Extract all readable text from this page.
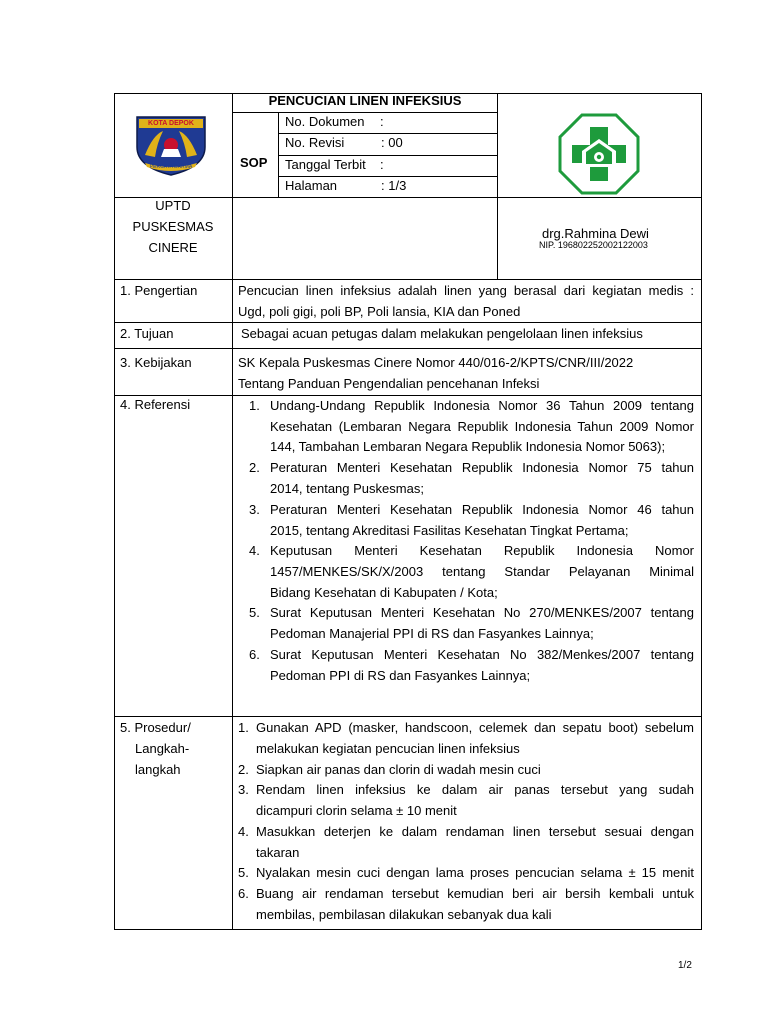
KOTA DEPOK
PERCAYA DARMA
PENCUCIAN LINEN INFEKSIUS
SOP
No. Dokumen :
No. Revisi	: 00
Tanggal Terbit :
Halaman	: 1/3
UPTD
PUSKESMAS
CINERE
drg.Rahmina Dewi
NIP. 196802252002122003
1. Pengertian	Pencucian linen infeksius adalah linen yang berasal dari kegiatan medis :
Ugd, poli gigi, poli BP, Poli lansia, KIA dan Poned
2. Tujuan	Sebagai acuan petugas dalam melakukan pengelolaan linen infeksius
3. Kebijakan	SK Kepala Puskesmas Cinere Nomor 440/016-2/KPTS/CNR/III/2022
Tentang Panduan Pengendalian pencehanan Infeksi
4. Referensi	1. Undang-Undang Republik Indonesia Nomor 36 Tahun 2009 tentang
Kesehatan (Lembaran Negara Republik Indonesia Tahun 2009 Nomor
144, Tambahan Lembaran Negara Republik Indonesia Nomor 5063);
2. Peraturan Menteri Kesehatan Republik Indonesia Nomor 75 tahun
2014, tentang Puskesmas;
3. Peraturan Menteri Kesehatan Republik Indonesia Nomor 46 tahun
2015, tentang Akreditasi Fasilitas Kesehatan Tingkat Pertama;
4. Keputusan Menteri Kesehatan Republik Indonesia Nomor
1457/MENKES/SK/X/2003 tentang Standar Pelayanan Minimal
Bidang Kesehatan di Kabupaten / Kota;
5. Surat Keputusan Menteri Kesehatan No 270/MENKES/2007 tentang
Pedoman Manajerial PPI di RS dan Fasyankes Lainnya;
6. Surat Keputusan Menteri Kesehatan No 382/Menkes/2007 tentang
Pedoman PPI di RS dan Fasyankes Lainnya;
5. Prosedur/
Langkah-
langkah
1. Gunakan APD (masker, handscoon, celemek dan sepatu boot) sebelum
melakukan kegiatan pencucian linen infeksius
2. Siapkan air panas dan clorin di wadah mesin cuci
3. Rendam linen infeksius ke dalam air panas tersebut yang sudah
dicampuri clorin selama ± 10 menit
4. Masukkan deterjen ke dalam rendaman linen tersebut sesuai dengan
takaran
5. Nyalakan mesin cuci dengan lama proses pencucian selama ± 15 menit
6. Buang air rendaman tersebut kemudian beri air bersih kembali untuk
membilas, pembilasan dilakukan sebanyak dua kali
1/2
